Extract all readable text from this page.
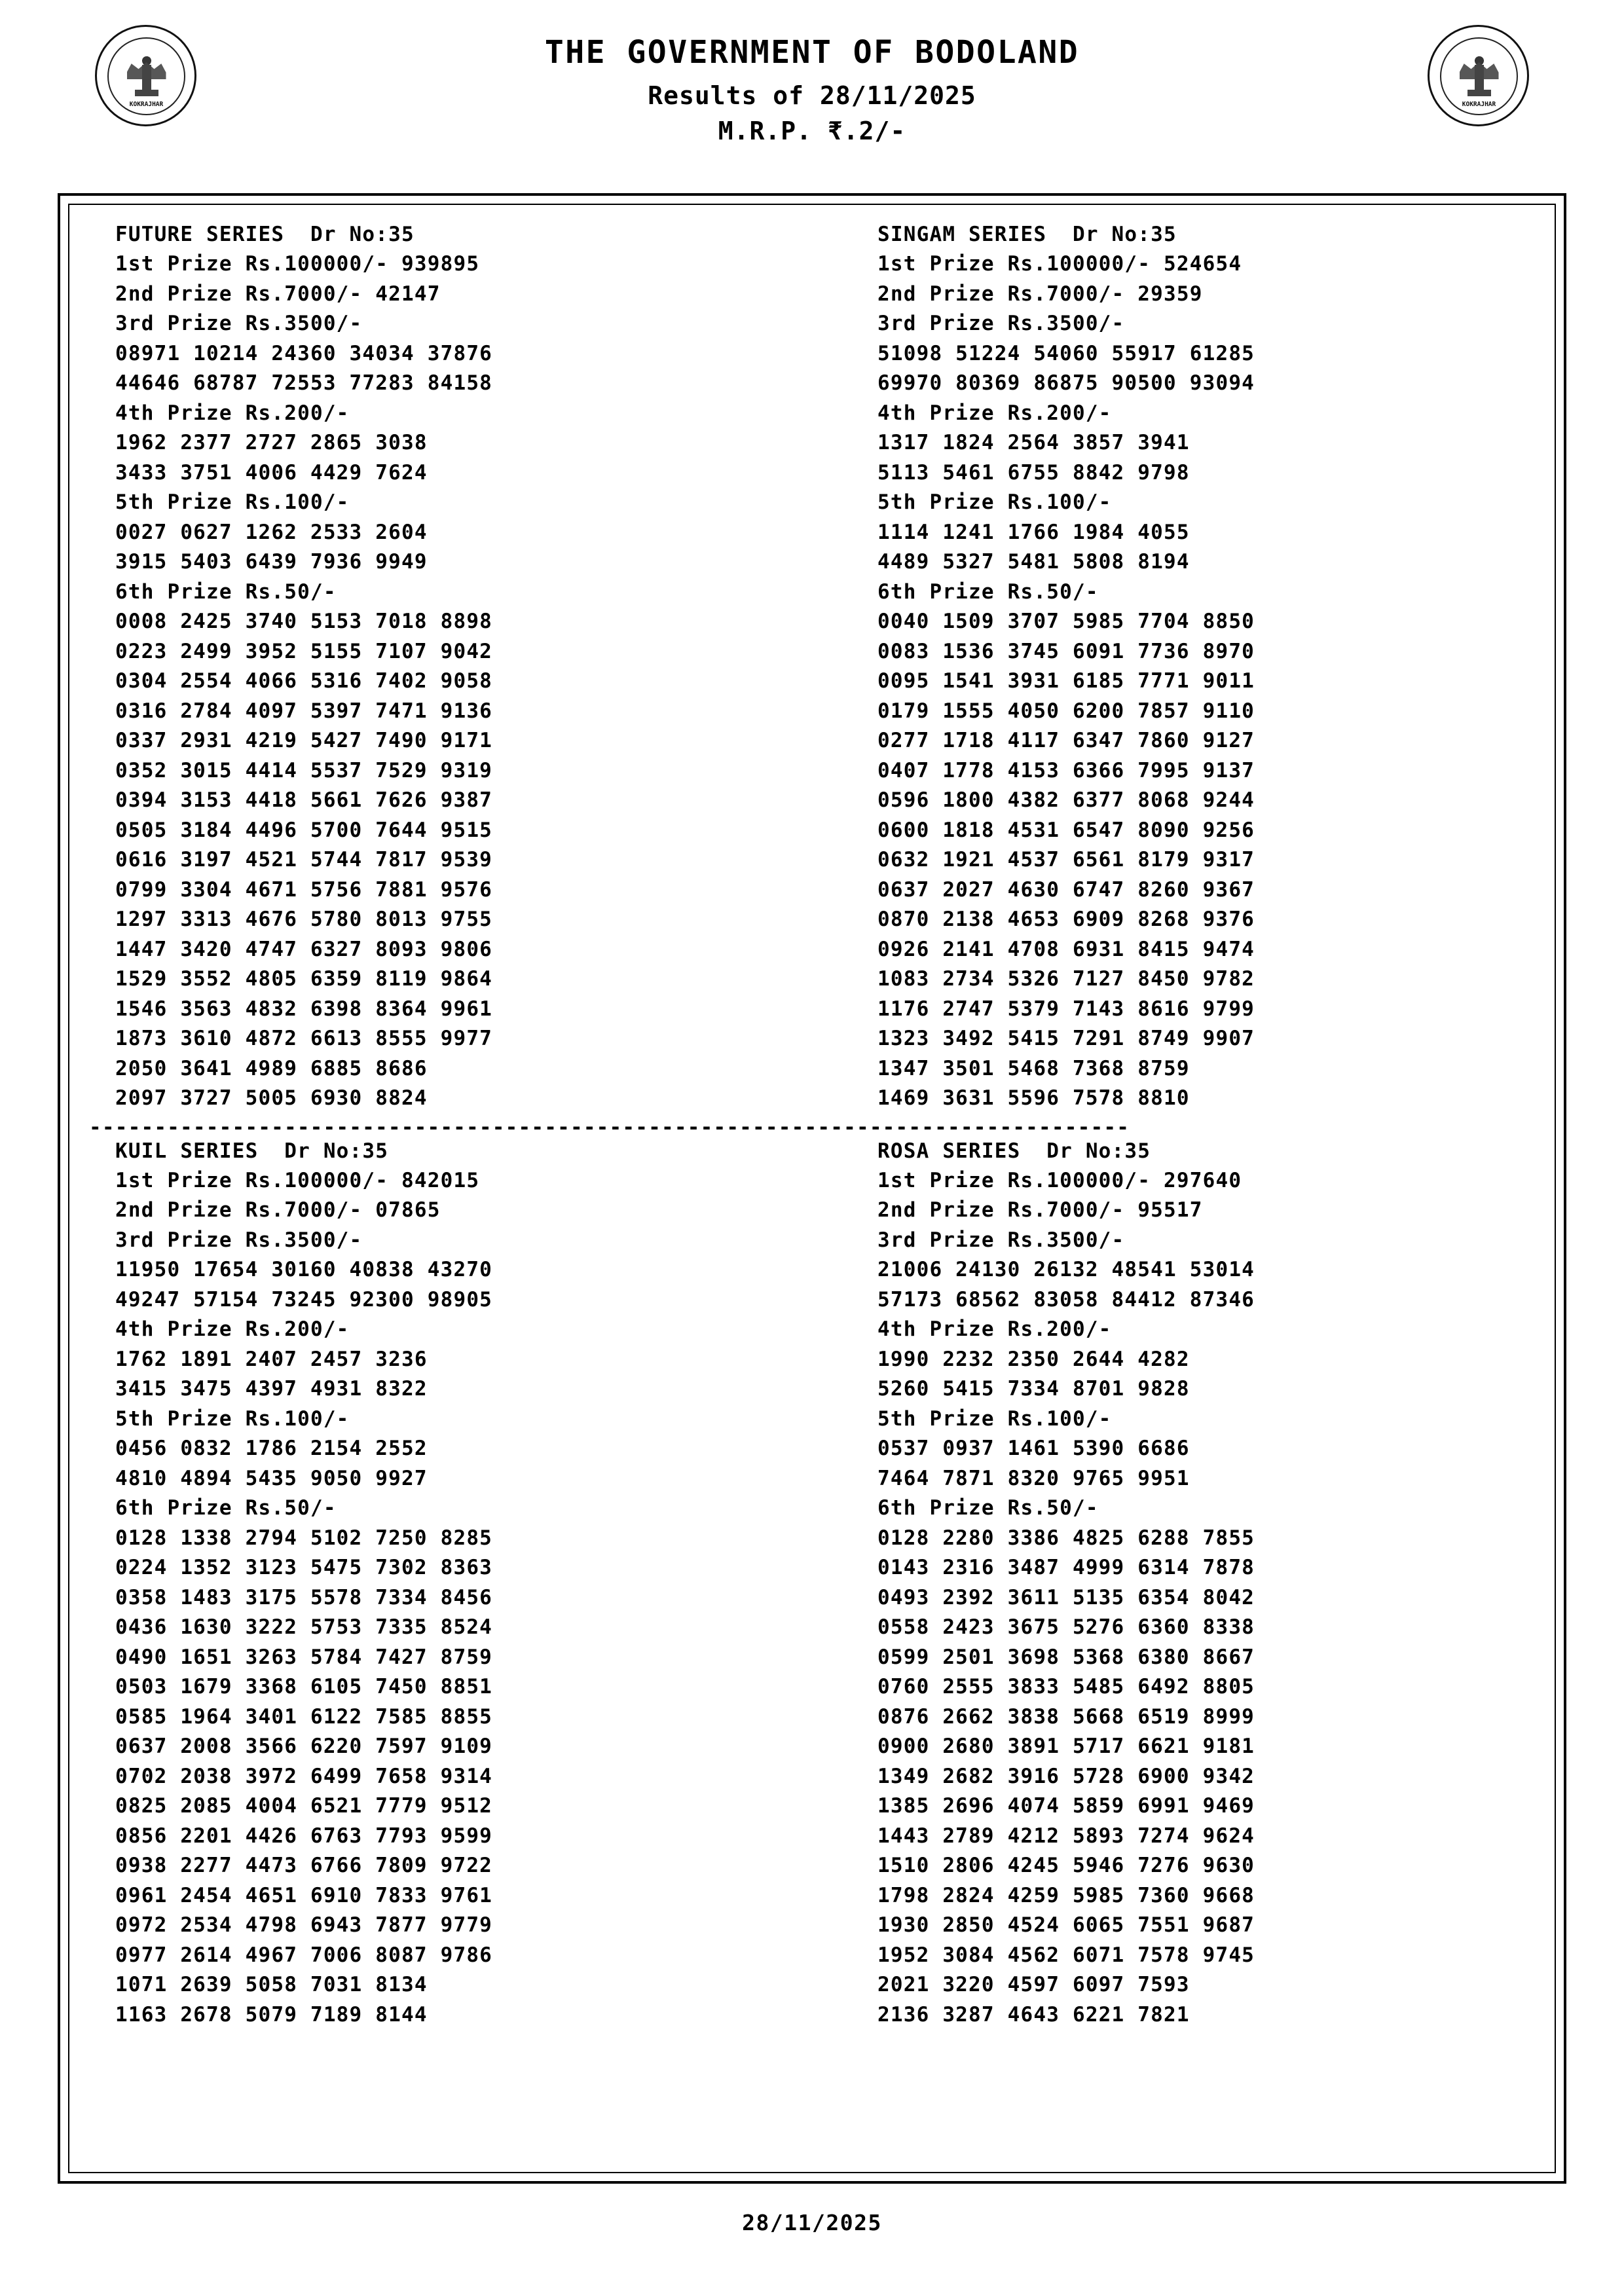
KOKRAJHAR	KOKRAJHAR
THE GOVERNMENT OF BODOLAND
Results of 28/11/2025
M.R.P. ₹.2/-
FUTURE SERIES  Dr No:35
1st Prize Rs.100000/- 939895
2nd Prize Rs.7000/- 42147
3rd Prize Rs.3500/-
08971 10214 24360 34034 37876
44646 68787 72553 77283 84158
4th Prize Rs.200/-
1962 2377 2727 2865 3038
3433 3751 4006 4429 7624
5th Prize Rs.100/-
0027 0627 1262 2533 2604
3915 5403 6439 7936 9949
6th Prize Rs.50/-
0008 2425 3740 5153 7018 8898
0223 2499 3952 5155 7107 9042
0304 2554 4066 5316 7402 9058
0316 2784 4097 5397 7471 9136
0337 2931 4219 5427 7490 9171
0352 3015 4414 5537 7529 9319
0394 3153 4418 5661 7626 9387
0505 3184 4496 5700 7644 9515
0616 3197 4521 5744 7817 9539
0799 3304 4671 5756 7881 9576
1297 3313 4676 5780 8013 9755
1447 3420 4747 6327 8093 9806
1529 3552 4805 6359 8119 9864
1546 3563 4832 6398 8364 9961
1873 3610 4872 6613 8555 9977
2050 3641 4989 6885 8686
2097 3727 5005 6930 8824
SINGAM SERIES  Dr No:35
1st Prize Rs.100000/- 524654
2nd Prize Rs.7000/- 29359
3rd Prize Rs.3500/-
51098 51224 54060 55917 61285
69970 80369 86875 90500 93094
4th Prize Rs.200/-
1317 1824 2564 3857 3941
5113 5461 6755 8842 9798
5th Prize Rs.100/-
1114 1241 1766 1984 4055
4489 5327 5481 5808 8194
6th Prize Rs.50/-
0040 1509 3707 5985 7704 8850
0083 1536 3745 6091 7736 8970
0095 1541 3931 6185 7771 9011
0179 1555 4050 6200 7857 9110
0277 1718 4117 6347 7860 9127
0407 1778 4153 6366 7995 9137
0596 1800 4382 6377 8068 9244
0600 1818 4531 6547 8090 9256
0632 1921 4537 6561 8179 9317
0637 2027 4630 6747 8260 9367
0870 2138 4653 6909 8268 9376
0926 2141 4708 6931 8415 9474
1083 2734 5326 7127 8450 9782
1176 2747 5379 7143 8616 9799
1323 3492 5415 7291 8749 9907
1347 3501 5468 7368 8759
1469 3631 5596 7578 8810
--------------------------------------------------------------------------------
KUIL SERIES  Dr No:35
1st Prize Rs.100000/- 842015
2nd Prize Rs.7000/- 07865
3rd Prize Rs.3500/-
11950 17654 30160 40838 43270
49247 57154 73245 92300 98905
4th Prize Rs.200/-
1762 1891 2407 2457 3236
3415 3475 4397 4931 8322
5th Prize Rs.100/-
0456 0832 1786 2154 2552
4810 4894 5435 9050 9927
6th Prize Rs.50/-
0128 1338 2794 5102 7250 8285
0224 1352 3123 5475 7302 8363
0358 1483 3175 5578 7334 8456
0436 1630 3222 5753 7335 8524
0490 1651 3263 5784 7427 8759
0503 1679 3368 6105 7450 8851
0585 1964 3401 6122 7585 8855
0637 2008 3566 6220 7597 9109
0702 2038 3972 6499 7658 9314
0825 2085 4004 6521 7779 9512
0856 2201 4426 6763 7793 9599
0938 2277 4473 6766 7809 9722
0961 2454 4651 6910 7833 9761
0972 2534 4798 6943 7877 9779
0977 2614 4967 7006 8087 9786
1071 2639 5058 7031 8134
1163 2678 5079 7189 8144
ROSA SERIES  Dr No:35
1st Prize Rs.100000/- 297640
2nd Prize Rs.7000/- 95517
3rd Prize Rs.3500/-
21006 24130 26132 48541 53014
57173 68562 83058 84412 87346
4th Prize Rs.200/-
1990 2232 2350 2644 4282
5260 5415 7334 8701 9828
5th Prize Rs.100/-
0537 0937 1461 5390 6686
7464 7871 8320 9765 9951
6th Prize Rs.50/-
0128 2280 3386 4825 6288 7855
0143 2316 3487 4999 6314 7878
0493 2392 3611 5135 6354 8042
0558 2423 3675 5276 6360 8338
0599 2501 3698 5368 6380 8667
0760 2555 3833 5485 6492 8805
0876 2662 3838 5668 6519 8999
0900 2680 3891 5717 6621 9181
1349 2682 3916 5728 6900 9342
1385 2696 4074 5859 6991 9469
1443 2789 4212 5893 7274 9624
1510 2806 4245 5946 7276 9630
1798 2824 4259 5985 7360 9668
1930 2850 4524 6065 7551 9687
1952 3084 4562 6071 7578 9745
2021 3220 4597 6097 7593
2136 3287 4643 6221 7821
28/11/2025
